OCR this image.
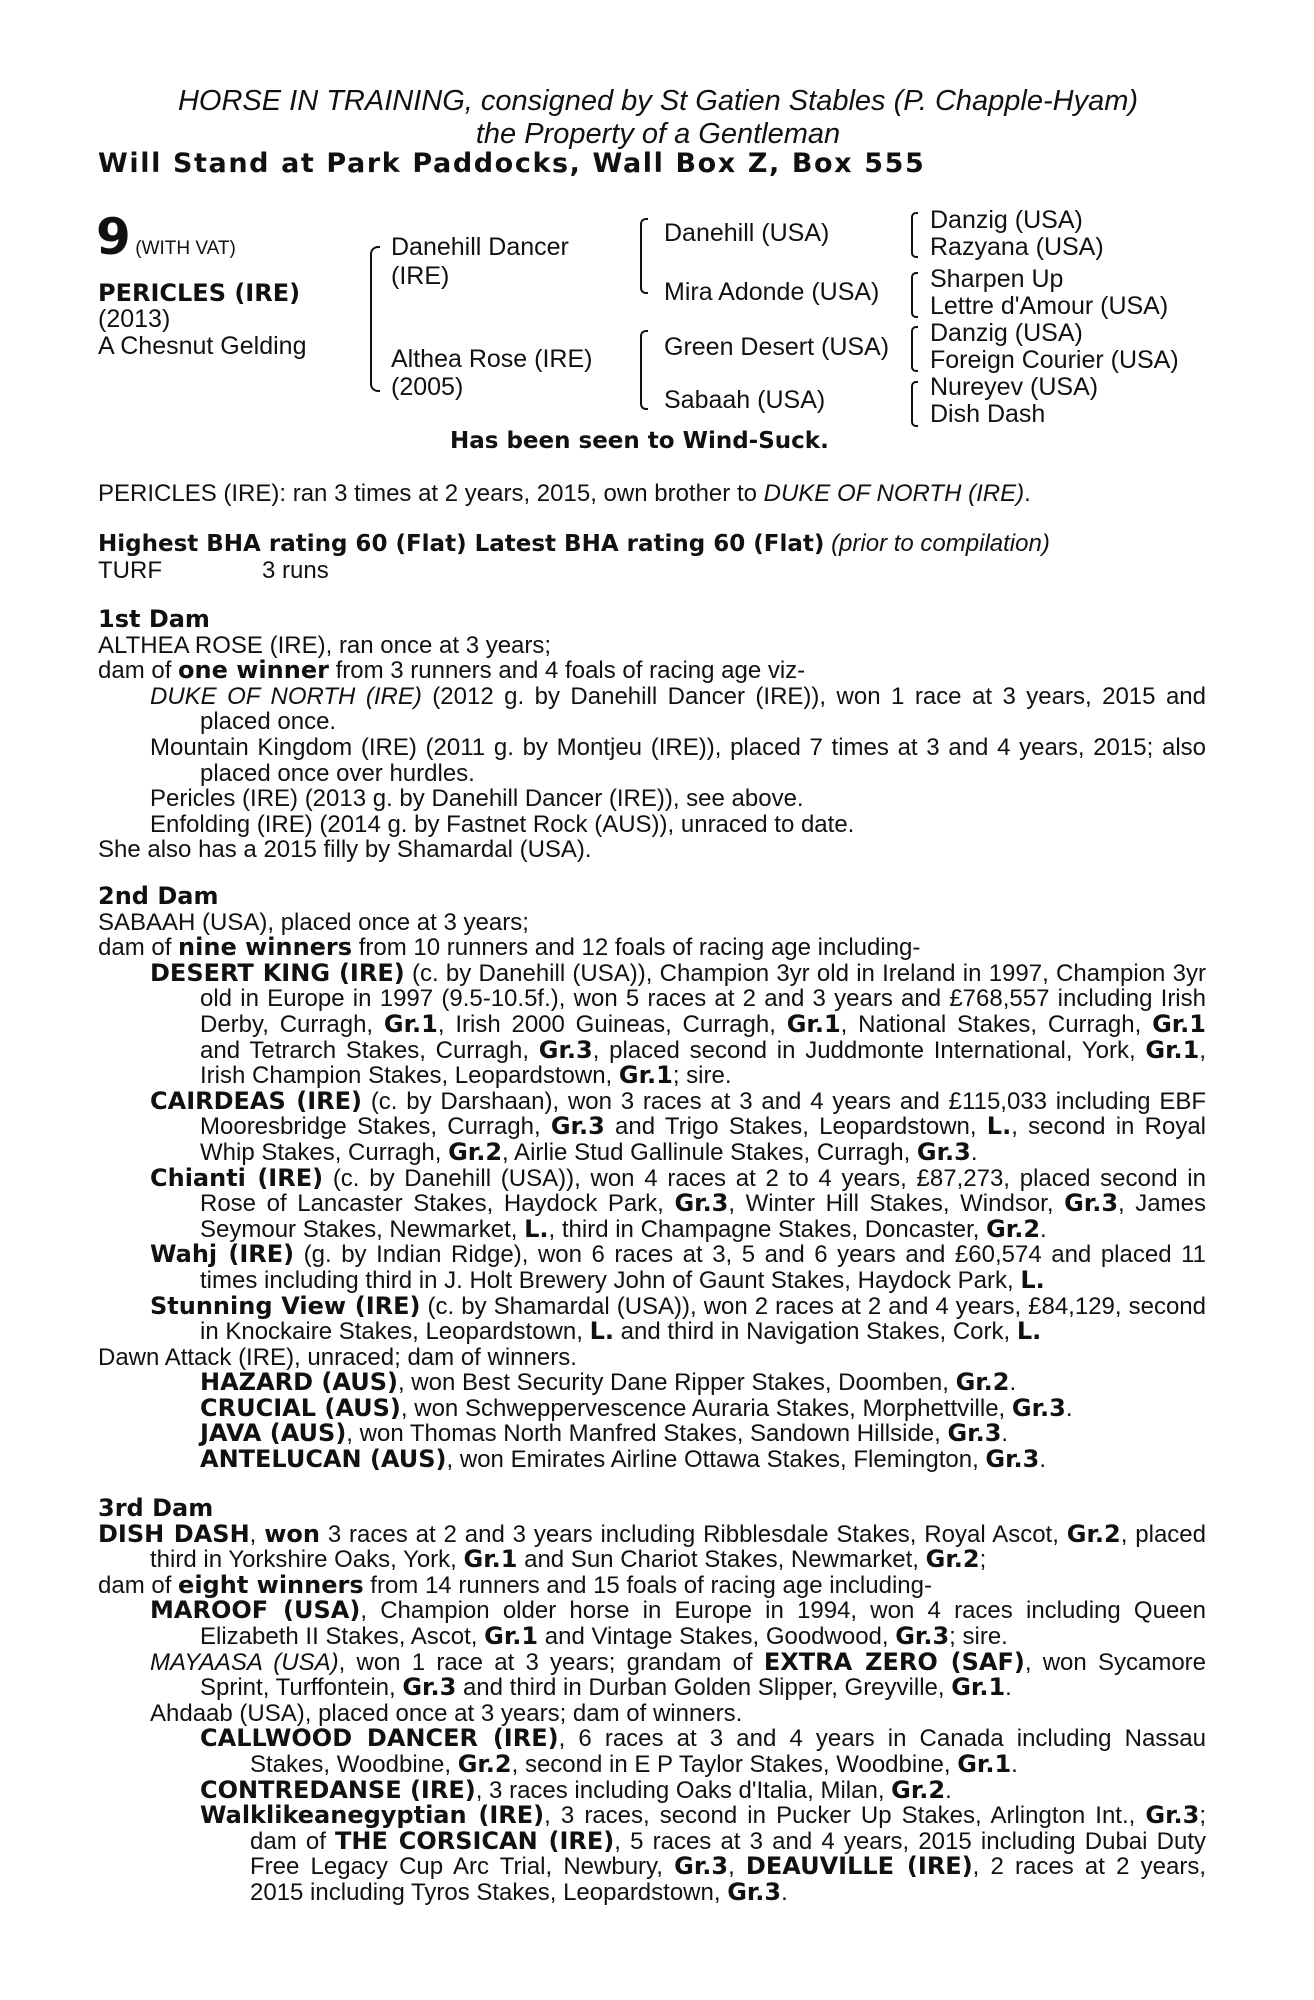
HORSE IN TRAINING, consigned by St Gatien Stables (P. Chapple-Hyam)
the Property of a Gentleman
Will Stand at Park Paddocks, Wall Box Z, Box 555
9 (WITH VAT)
PERICLES (IRE)
(2013)
A Chesnut Gelding
Danehill Dancer
(IRE)
Althea Rose (IRE)
(2005)
Danehill (USA)
Mira Adonde (USA)
Green Desert (USA)
Sabaah (USA)
Danzig (USA)
Razyana (USA)
Sharpen Up
Lettre d'Amour (USA)
Danzig (USA)
Foreign Courier (USA)
Nureyev (USA)
Dish Dash
Has been seen to Wind-Suck.

PERICLES (IRE): ran 3 times at 2 years, 2015, own brother to DUKE OF NORTH (IRE).

Highest BHA rating 60 (Flat) Latest BHA rating 60 (Flat) (prior to compilation)

TURF	3 runs

1st Dam

ALTHEA ROSE (IRE), ran once at 3 years;

dam of one winner from 3 runners and 4 foals of racing age viz-

DUKE OF NORTH (IRE) (2012 g. by Danehill Dancer (IRE)), won 1 race at 3 years, 2015 and placed once.

Mountain Kingdom (IRE) (2011 g. by Montjeu (IRE)), placed 7 times at 3 and 4 years, 2015; also placed once over hurdles.

Pericles (IRE) (2013 g. by Danehill Dancer (IRE)), see above.

Enfolding (IRE) (2014 g. by Fastnet Rock (AUS)), unraced to date.

She also has a 2015 filly by Shamardal (USA).

2nd Dam

SABAAH (USA), placed once at 3 years;

dam of nine winners from 10 runners and 12 foals of racing age including-

DESERT KING (IRE) (c. by Danehill (USA)), Champion 3yr old in Ireland in 1997, Champion 3yr old in Europe in 1997 (9.5-10.5f.), won 5 races at 2 and 3 years and £768,557 including Irish Derby, Curragh, Gr.1, Irish 2000 Guineas, Curragh, Gr.1, National Stakes, Curragh, Gr.1 and Tetrarch Stakes, Curragh, Gr.3, placed second in Juddmonte International, York, Gr.1, Irish Champion Stakes, Leopardstown, Gr.1; sire.

CAIRDEAS (IRE) (c. by Darshaan), won 3 races at 3 and 4 years and £115,033 including EBF Mooresbridge Stakes, Curragh, Gr.3 and Trigo Stakes, Leopardstown, L., second in Royal Whip Stakes, Curragh, Gr.2, Airlie Stud Gallinule Stakes, Curragh, Gr.3.

Chianti (IRE) (c. by Danehill (USA)), won 4 races at 2 to 4 years, £87,273, placed second in Rose of Lancaster Stakes, Haydock Park, Gr.3, Winter Hill Stakes, Windsor, Gr.3, James Seymour Stakes, Newmarket, L., third in Champagne Stakes, Doncaster, Gr.2.

Wahj (IRE) (g. by Indian Ridge), won 6 races at 3, 5 and 6 years and £60,574 and placed 11 times including third in J. Holt Brewery John of Gaunt Stakes, Haydock Park, L.

Stunning View (IRE) (c. by Shamardal (USA)), won 2 races at 2 and 4 years, £84,129, second in Knockaire Stakes, Leopardstown, L. and third in Navigation Stakes, Cork, L.

Dawn Attack (IRE), unraced; dam of winners.

HAZARD (AUS), won Best Security Dane Ripper Stakes, Doomben, Gr.2.

CRUCIAL (AUS), won Schweppervescence Auraria Stakes, Morphettville, Gr.3.

JAVA (AUS), won Thomas North Manfred Stakes, Sandown Hillside, Gr.3.

ANTELUCAN (AUS), won Emirates Airline Ottawa Stakes, Flemington, Gr.3.

3rd Dam

DISH DASH, won 3 races at 2 and 3 years including Ribblesdale Stakes, Royal Ascot, Gr.2, placed third in Yorkshire Oaks, York, Gr.1 and Sun Chariot Stakes, Newmarket, Gr.2;

dam of eight winners from 14 runners and 15 foals of racing age including-

MAROOF (USA), Champion older horse in Europe in 1994, won 4 races including Queen Elizabeth II Stakes, Ascot, Gr.1 and Vintage Stakes, Goodwood, Gr.3; sire.

MAYAASA (USA), won 1 race at 3 years; grandam of EXTRA ZERO (SAF), won Sycamore Sprint, Turffontein, Gr.3 and third in Durban Golden Slipper, Greyville, Gr.1.

Ahdaab (USA), placed once at 3 years; dam of winners.

CALLWOOD DANCER (IRE), 6 races at 3 and 4 years in Canada including Nassau Stakes, Woodbine, Gr.2, second in E P Taylor Stakes, Woodbine, Gr.1.

CONTREDANSE (IRE), 3 races including Oaks d'Italia, Milan, Gr.2.

Walklikeanegyptian (IRE), 3 races, second in Pucker Up Stakes, Arlington Int., Gr.3; dam of THE CORSICAN (IRE), 5 races at 3 and 4 years, 2015 including Dubai Duty Free Legacy Cup Arc Trial, Newbury, Gr.3, DEAUVILLE (IRE), 2 races at 2 years, 2015 including Tyros Stakes, Leopardstown, Gr.3.
